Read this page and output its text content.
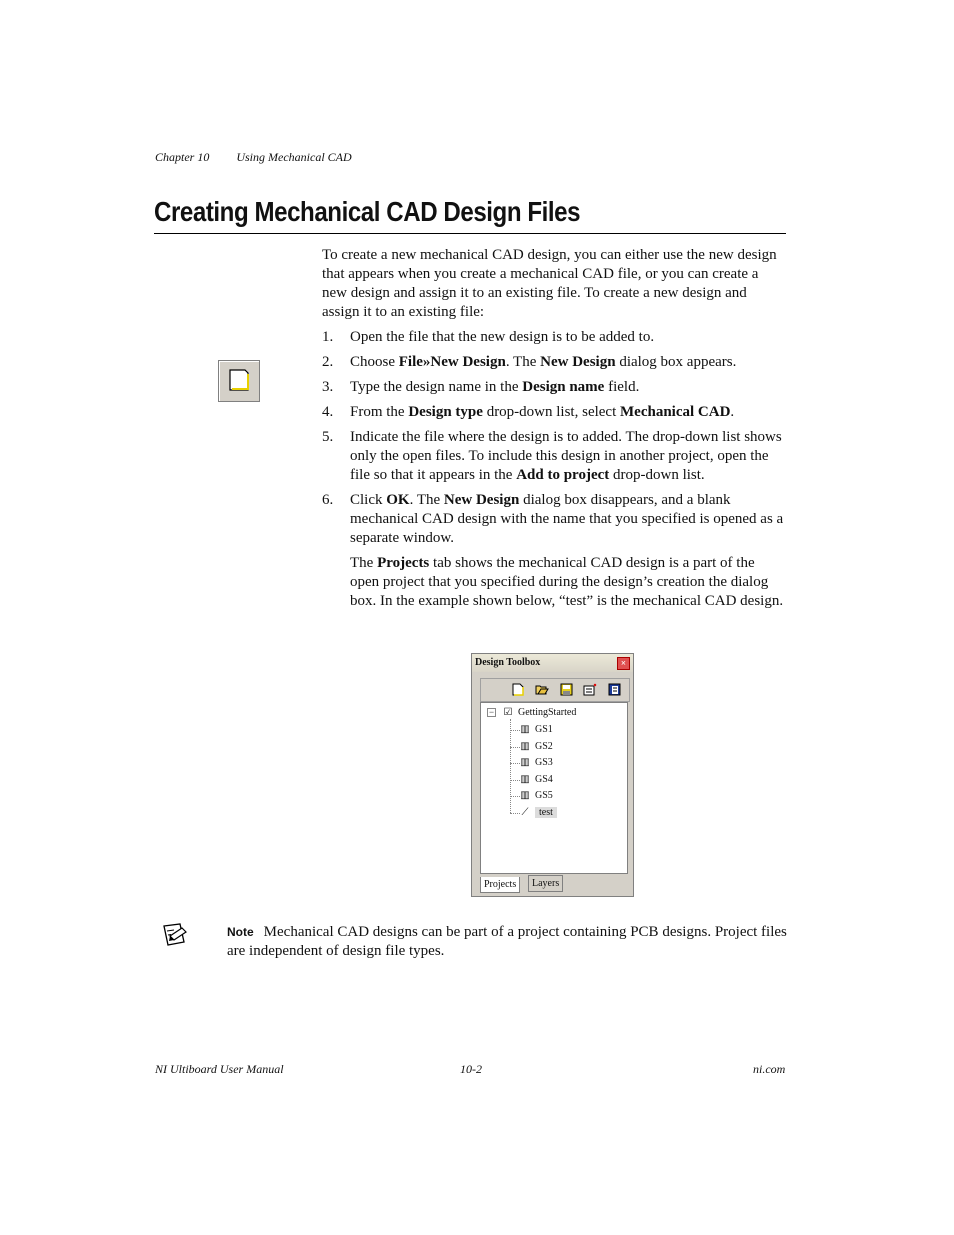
Chapter 10 Using Mechanical CAD
Creating Mechanical CAD Design Files

To create a new mechanical CAD design, you can either use the new design that appears when you create a mechanical CAD file, or you can create a new design and assign it to an existing file. To create a new design and assign it to an existing file:

1. Open the file that the new design is to be added to.
2. Choose File»New Design. The New Design dialog box appears.
3. Type the design name in the Design name field.
4. From the Design type drop-down list, select Mechanical CAD.
5. Indicate the file where the design is to added. The drop-down list shows only the open files. To include this design in another project, open the file so that it appears in the Add to project drop-down list.
6. Click OK. The New Design dialog box disappears, and a blank mechanical CAD design with the name that you specified is opened as a separate window.
The Projects tab shows the mechanical CAD design is a part of the open project that you specified during the design’s creation the dialog box. In the example shown below, “test” is the mechanical CAD design.
Design Toolbox	×
− ☑ GettingStarted
▥ GS1
▥ GS2
▥ GS3
▥ GS4
▥ GS5
⟋ test
Projects	Layers
Note Mechanical CAD designs can be part of a project containing PCB designs. Project files are independent of design file types.
NI Ultiboard User Manual	10-2	ni.com
